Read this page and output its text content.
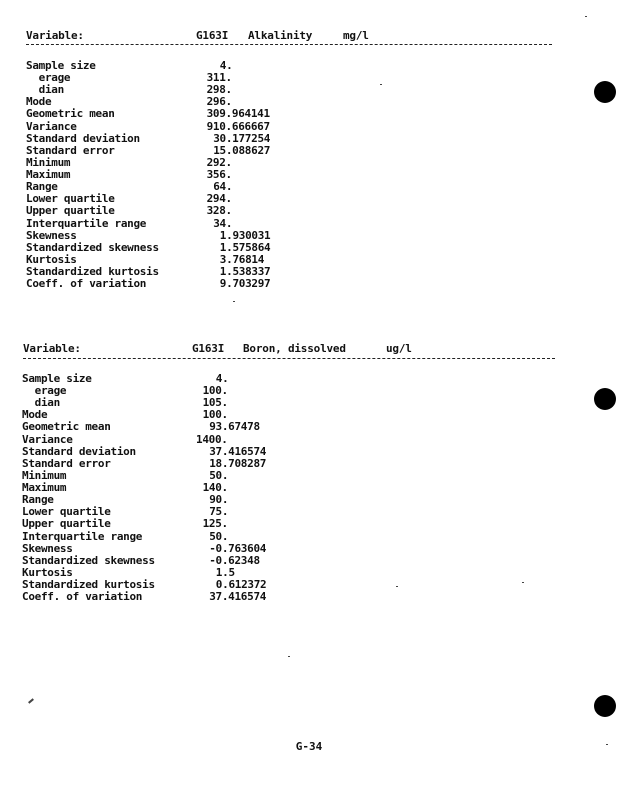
Variable:	G163I Alkalinity	mg/l
Sample size	4.
erage	311.
dian	298.
Mode	296.
Geometric mean	309.964141
Variance	910.666667
Standard deviation	30.177254
Standard error	15.088627
Minimum	292.
Maximum	356.
Range	64.
Lower quartile	294.
Upper quartile	328.
Interquartile range	34.
Skewness	1.930031
Standardized skewness	1.575864
Kurtosis	3.76814
Standardized kurtosis	1.538337
Coeff. of variation	9.703297
Variable:	G163I Boron, dissolved	ug/l
Sample size	4.
erage	100.
dian	105.
Mode	100.
Geometric mean	93.67478
Variance	1400.
Standard deviation	37.416574
Standard error	18.708287
Minimum	50.
Maximum	140.
Range	90.
Lower quartile	75.
Upper quartile	125.
Interquartile range	50.
Skewness	-0.763604
Standardized skewness	-0.62348
Kurtosis	1.5
Standardized kurtosis	0.612372
Coeff. of variation	37.416574
G-34
